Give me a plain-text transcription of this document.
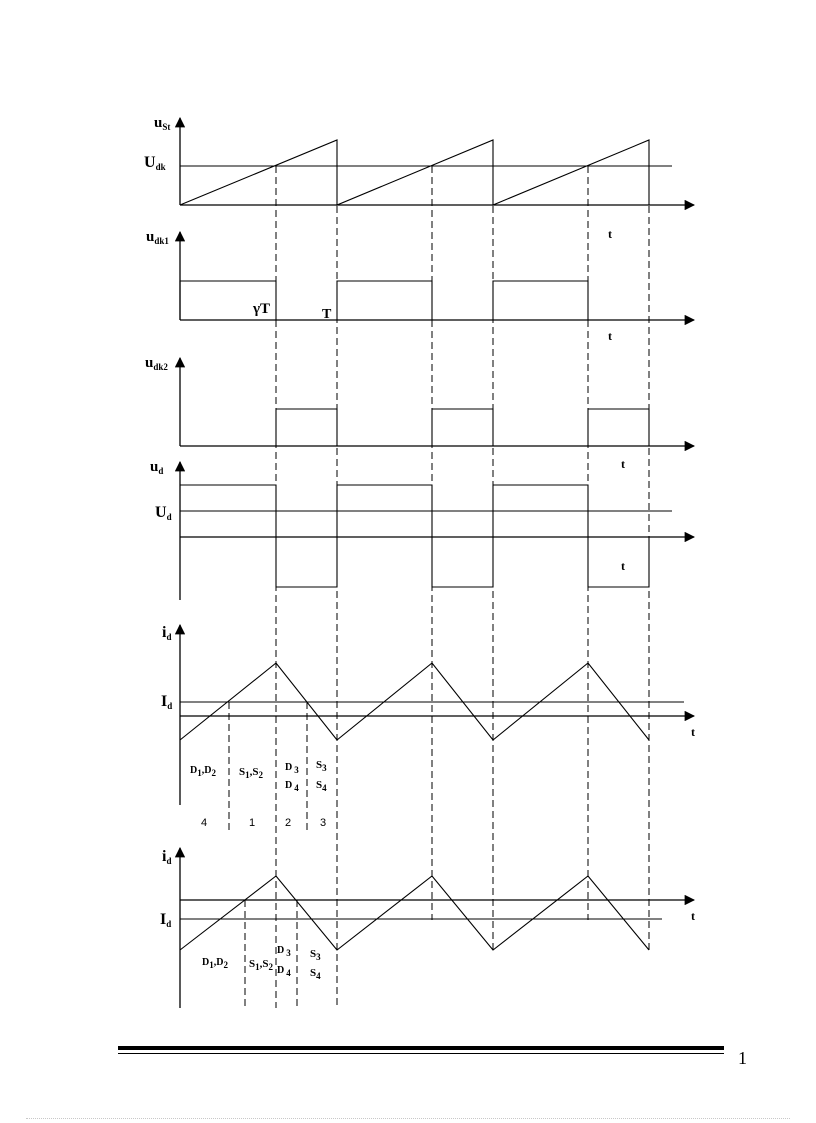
$u_{St}$
Udk
t
$u_{dk1}$
γT	T
t
$u_{dk2}$
$u_d$
Ud
t
t
id
Id
t
D1,D2 $S_1,S_2$
D 3
D 4
$S_3$
$S_4$
4	1	2	3
id
Id
t
D1,D2 $S_1,S_2$
D 3
D 4
$S_3$
$S_4$
1
